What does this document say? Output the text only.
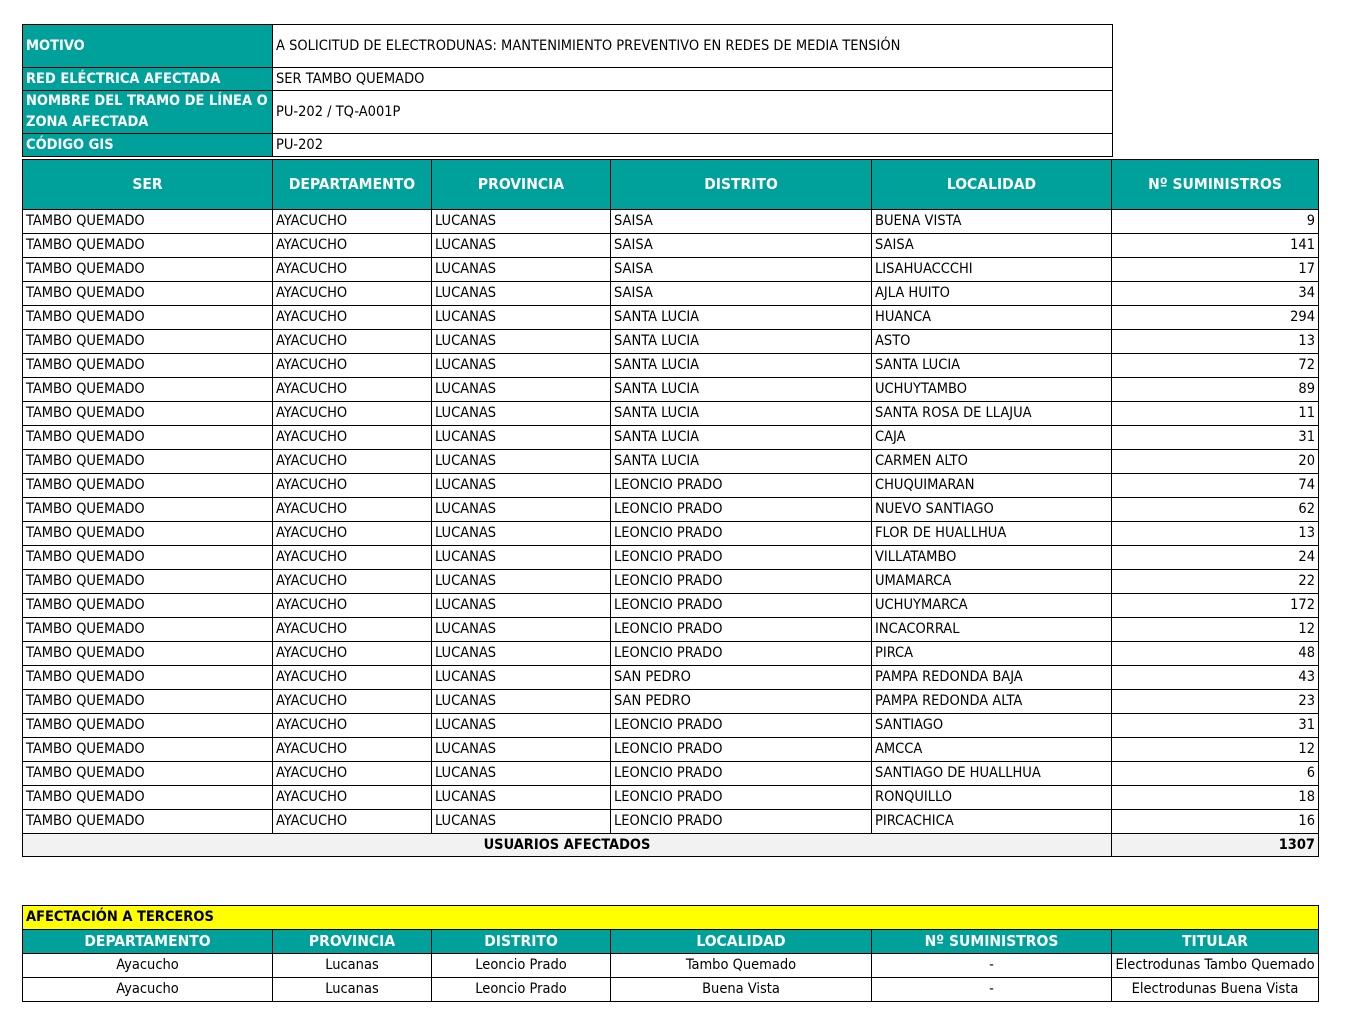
MOTIVO	A SOLICITUD DE ELECTRODUNAS: MANTENIMIENTO PREVENTIVO EN REDES DE MEDIA TENSIÓN
RED ELÉCTRICA AFECTADA	SER TAMBO QUEMADO
NOMBRE DEL TRAMO DE LÍNEA O ZONA AFECTADA	PU-202 / TQ-A001P
CÓDIGO GIS	PU-202
SER	DEPARTAMENTO	PROVINCIA	DISTRITO	LOCALIDAD	Nº SUMINISTROS
TAMBO QUEMADO	AYACUCHO	LUCANAS	SAISA	BUENA VISTA	9
TAMBO QUEMADO	AYACUCHO	LUCANAS	SAISA	SAISA	141
TAMBO QUEMADO	AYACUCHO	LUCANAS	SAISA	LISAHUACCCHI	17
TAMBO QUEMADO	AYACUCHO	LUCANAS	SAISA	AJLA HUITO	34
TAMBO QUEMADO	AYACUCHO	LUCANAS	SANTA LUCIA	HUANCA	294
TAMBO QUEMADO	AYACUCHO	LUCANAS	SANTA LUCIA	ASTO	13
TAMBO QUEMADO	AYACUCHO	LUCANAS	SANTA LUCIA	SANTA LUCIA	72
TAMBO QUEMADO	AYACUCHO	LUCANAS	SANTA LUCIA	UCHUYTAMBO	89
TAMBO QUEMADO	AYACUCHO	LUCANAS	SANTA LUCIA	SANTA ROSA DE LLAJUA	11
TAMBO QUEMADO	AYACUCHO	LUCANAS	SANTA LUCIA	CAJA	31
TAMBO QUEMADO	AYACUCHO	LUCANAS	SANTA LUCIA	CARMEN ALTO	20
TAMBO QUEMADO	AYACUCHO	LUCANAS	LEONCIO PRADO	CHUQUIMARAN	74
TAMBO QUEMADO	AYACUCHO	LUCANAS	LEONCIO PRADO	NUEVO SANTIAGO	62
TAMBO QUEMADO	AYACUCHO	LUCANAS	LEONCIO PRADO	FLOR DE HUALLHUA	13
TAMBO QUEMADO	AYACUCHO	LUCANAS	LEONCIO PRADO	VILLATAMBO	24
TAMBO QUEMADO	AYACUCHO	LUCANAS	LEONCIO PRADO	UMAMARCA	22
TAMBO QUEMADO	AYACUCHO	LUCANAS	LEONCIO PRADO	UCHUYMARCA	172
TAMBO QUEMADO	AYACUCHO	LUCANAS	LEONCIO PRADO	INCACORRAL	12
TAMBO QUEMADO	AYACUCHO	LUCANAS	LEONCIO PRADO	PIRCA	48
TAMBO QUEMADO	AYACUCHO	LUCANAS	SAN PEDRO	PAMPA REDONDA BAJA	43
TAMBO QUEMADO	AYACUCHO	LUCANAS	SAN PEDRO	PAMPA REDONDA ALTA	23
TAMBO QUEMADO	AYACUCHO	LUCANAS	LEONCIO PRADO	SANTIAGO	31
TAMBO QUEMADO	AYACUCHO	LUCANAS	LEONCIO PRADO	AMCCA	12
TAMBO QUEMADO	AYACUCHO	LUCANAS	LEONCIO PRADO	SANTIAGO DE HUALLHUA	6
TAMBO QUEMADO	AYACUCHO	LUCANAS	LEONCIO PRADO	RONQUILLO	18
TAMBO QUEMADO	AYACUCHO	LUCANAS	LEONCIO PRADO	PIRCACHICA	16
USUARIOS AFECTADOS					1307
AFECTACIÓN A TERCEROS					
DEPARTAMENTO	PROVINCIA	DISTRITO	LOCALIDAD	Nº SUMINISTROS	TITULAR
Ayacucho	Lucanas	Leoncio Prado	Tambo Quemado	-	Electrodunas Tambo Quemado
Ayacucho	Lucanas	Leoncio Prado	Buena Vista	-	Electrodunas Buena Vista
